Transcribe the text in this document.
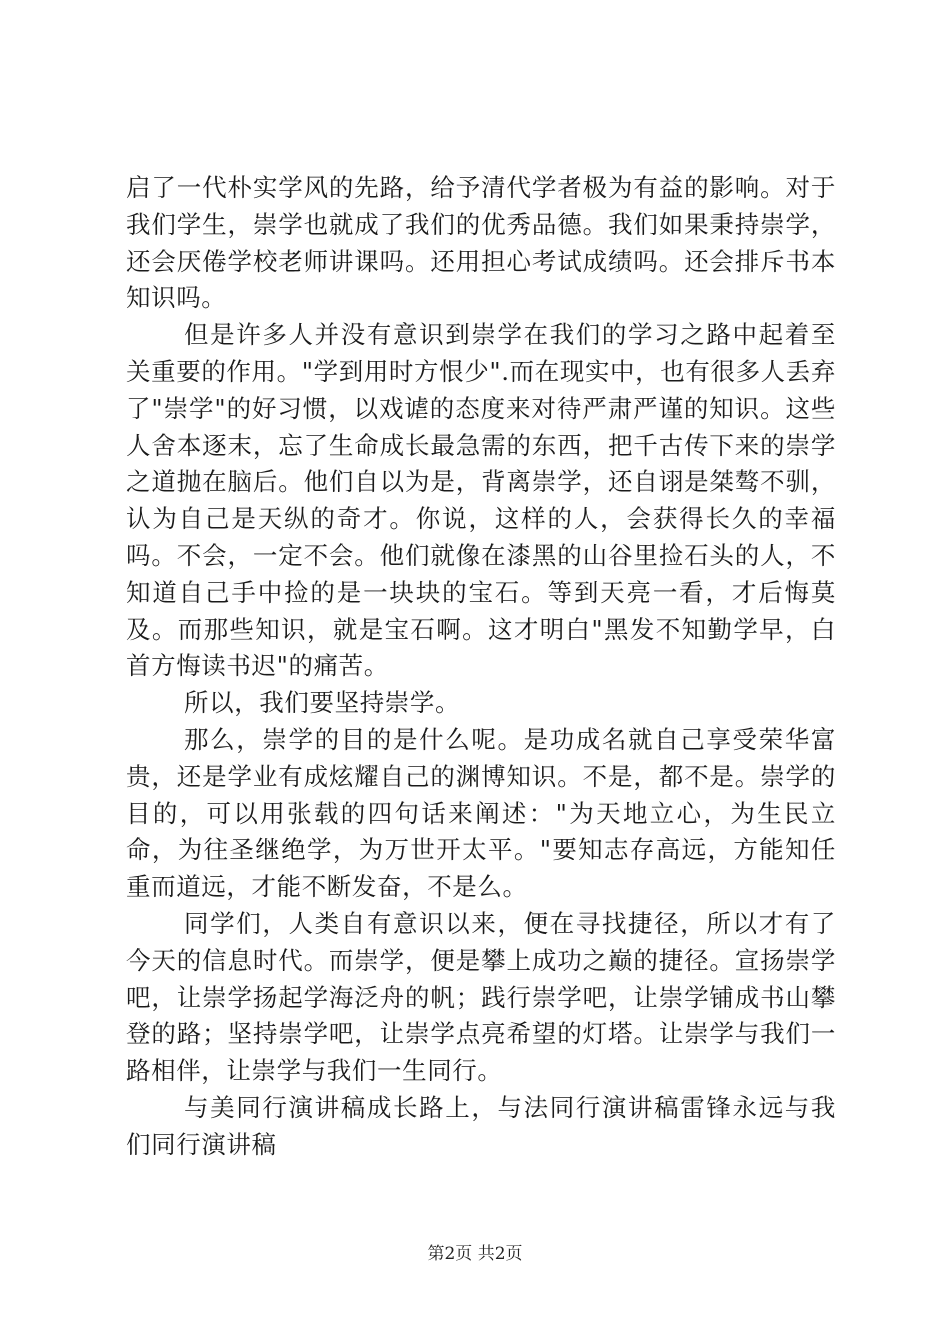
启了一代朴实学风的先路，给予清代学者极为有益的影响。对于我们学生，崇学也就成了我们的优秀品德。我们如果秉持崇学，还会厌倦学校老师讲课吗。还用担心考试成绩吗。还会排斥书本知识吗。

但是许多人并没有意识到崇学在我们的学习之路中起着至关重要的作用。"学到用时方恨少".而在现实中，也有很多人丢弃了"崇学"的好习惯，以戏谑的态度来对待严肃严谨的知识。这些人舍本逐末，忘了生命成长最急需的东西，把千古传下来的崇学之道抛在脑后。他们自以为是，背离崇学，还自诩是桀骜不驯，认为自己是天纵的奇才。你说，这样的人，会获得长久的幸福吗。不会，一定不会。他们就像在漆黑的山谷里捡石头的人，不知道自己手中捡的是一块块的宝石。等到天亮一看，才后悔莫及。而那些知识，就是宝石啊。这才明白"黑发不知勤学早，白首方悔读书迟"的痛苦。

所以，我们要坚持崇学。

那么，崇学的目的是什么呢。是功成名就自己享受荣华富贵，还是学业有成炫耀自己的渊博知识。不是，都不是。崇学的目的，可以用张载的四句话来阐述："为天地立心，为生民立命，为往圣继绝学，为万世开太平。"要知志存高远，方能知任重而道远，才能不断发奋，不是么。

同学们，人类自有意识以来，便在寻找捷径，所以才有了今天的信息时代。而崇学，便是攀上成功之巅的捷径。宣扬崇学吧，让崇学扬起学海泛舟的帆；践行崇学吧，让崇学铺成书山攀登的路；坚持崇学吧，让崇学点亮希望的灯塔。让崇学与我们一路相伴，让崇学与我们一生同行。

与美同行演讲稿成长路上，与法同行演讲稿雷锋永远与我们同行演讲稿

第2页 共2页
